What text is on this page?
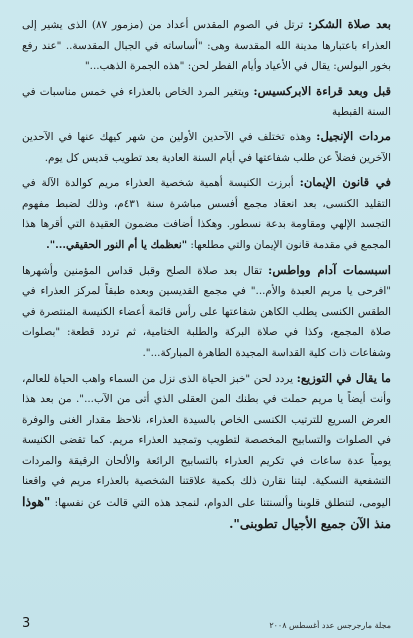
بعد صلاة الشكر: ترتل في الصوم المقدس أعداد من (مزمور ٨٧) الذى يشير إلى العذراء باعتبارها مدينة الله المقدسة وهى: "أساساته في الجبال المقدسة.. "عند رفع بخور البولس: يقال في الأعياد وأيام الفطر لحن: "هذه الجمرة الذهب..."

قبل وبعد قراءة الابركسيس: ويتغير المرد الخاص بالعذراء في خمس مناسبات في السنة القبطية

مردات الإنجيل: وهذه تختلف في الآحدين الأولين من شهر كيهك عنها في الآحدين الآخرين فضلاً عن طلب شفاعتها في أيام السنة العادية بعد تطويب قديس كل يوم.

في قانون الإيمان: أبرزت الكنيسة أهمية شخصية العذراء مريم كوالدة الآلة في التقليد الكنسى، بعد انعقاد مجمع أفسس مباشرة سنة ٤٣١م، وذلك لضبط مفهوم التجسد الإلهي ومقاومة بدعة نسطور. وهكذا أضافت مضمون العقيدة التي أقرها هذا المجمع في مقدمة قانون الإيمان والتي مطلعها: "نعظمك يا أم النور الحقيقي...".

اسبسمات آدام وواطس: تقال بعد صلاة الصلح وقبل قداس المؤمنين وأشهرها "افرحى يا مريم العبدة والأم..." في مجمع القديسين وبعده طبقاً لمركز العذراء في الطقس الكنسى يطلب الكاهن شفاعتها على رأس قائمة أعضاء الكنيسة المنتصرة في صلاة المجمع، وكذا في صلاة البركة والطلبة الختامية، ثم تردد قطعة: "بصلوات وشفاعات ذات كلية القداسة المجيدة الطاهرة المباركة...".

ما يقال في التوزيع: يردد لحن "خبز الحياة الذى نزل من السماء واهب الحياة للعالم، وأنت أيضاً يا مريم حملت في بطنك المن العقلى الذي أتى من الآب...". من بعد هذا العرض السريع للترتيب الكنسى الخاص بالسيدة العذراء، نلاحظ مقدار الغنى والوفرة في الصلوات والتسابيح المخصصة لتطويب وتمجيد العذراء مريم. كما تقضى الكنيسة يومياً عدة ساعات في تكريم العذراء بالتسابيح الرائعة والألحان الرقيقة والمردات التشفعية النسكية. ليتنا نقارن ذلك بكمية علاقتنا الشخصية بالعذراء مريم في واقعنا اليومى، لتنطلق قلوبنا وألسنتنا على الدوام، لنمجد هذه التي قالت عن نفسها: "هوذا منذ الآن جميع الأجيال تطوبنى".

3	مجلة مارجرجس عدد أغسطس ٢٠٠٨
